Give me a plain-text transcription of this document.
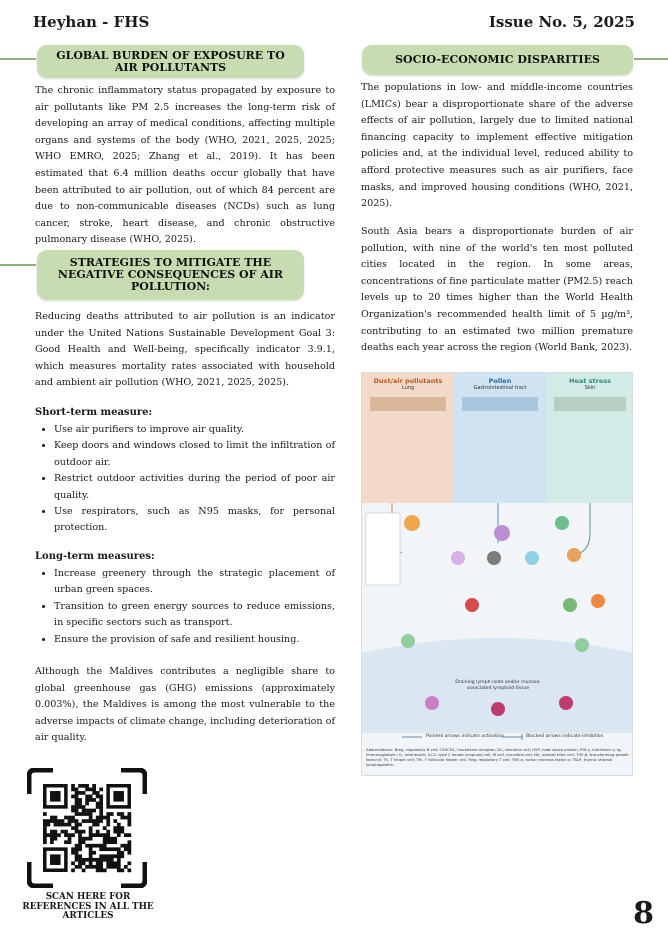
Heyhan - FHS	Issue No. 5, 2025
GLOBAL BURDEN OF EXPOSURE TO AIR POLLUTANTS

The chronic inflammatory status propagated by exposure to air pollutants like PM 2.5 increases the long-term risk of developing an array of medical conditions, affecting multiple organs and systems of the body (WHO, 2021, 2025, 2025; WHO EMRO, 2025; Zhang et al., 2019). It has been estimated that 6.4 million deaths occur globally that have been attributed to air pollution, out of which 84 percent are due to non-communicable diseases (NCDs) such as lung cancer, stroke, heart disease, and chronic obstructive pulmonary disease (WHO, 2025).

STRATEGIES TO MITIGATE THE NEGATIVE CONSEQUENCES OF AIR POLLUTION:

Reducing deaths attributed to air pollution is an indicator under the United Nations Sustainable Development Goal 3: Good Health and Well-being, specifically indicator 3.9.1, which measures mortality rates associated with household and ambient air pollution (WHO, 2021, 2025, 2025).

Short-term measure:

• Use air purifiers to improve air quality.
• Keep doors and windows closed to limit the infiltration of outdoor air.
• Restrict outdoor activities during the period of poor air quality.
• Use respirators, such as N95 masks, for personal protection.

Long-term measures:

• Increase greenery through the strategic placement of urban green spaces.
• Transition to green energy sources to reduce emissions, in specific sectors such as transport.
• Ensure the provision of safe and resilient housing.

Although the Maldives contributes a negligible share to global greenhouse gas (GHG) emissions (approximately 0.003%), the Maldives is among the most vulnerable to the adverse impacts of climate change, including deterioration of air quality.

SCAN HERE FOR REFERENCES IN ALL THE ARTICLES
SOCIO-ECONOMIC DISPARITIES

The populations in low- and middle-income countries (LMICs) bear a disproportionate share of the adverse effects of air pollution, largely due to limited national financing capacity to implement effective mitigation policies and, at the individual level, reduced ability to afford protective measures such as air purifiers, face masks, and improved housing conditions (WHO, 2021, 2025).

South Asia bears a disproportionate burden of air pollution, with nine of the world's ten most polluted cities located in the region. In some areas, concentrations of fine particulate matter (PM2.5) reach levels up to 20 times higher than the World Health Organization's recommended health limit of 5 µg/m³, contributing to an estimated two million premature deaths each year across the region (World Bank, 2023).

Dust/air pollutants
Lung
Pollen
Gastrointestinal tract
Heat stress
Skin
Draining lymph node and/or mucosa-associated lymphoid tissue
Pointed arrows indicate activation	Blocked arrows indicate inhibition
Abbreviations: Breg, regulatory B cell; CX3CR1, fractalkine receptor; DC, dendritic cell; HSP, heat shock protein; IFN-γ, interferon γ; Ig, immunoglobulin; IL, interleukin; ILC2, type 2 innate lymphoid cell; M cell, microfold cell; NK, natural killer cell; TGF-β, transforming growth factor β; Th, T helper cell; Tfh, T follicular helper cell; Treg, regulatory T cell; TNF-α, tumor necrosis factor α; TSLP, thymic stromal lymphopoietin.
8
